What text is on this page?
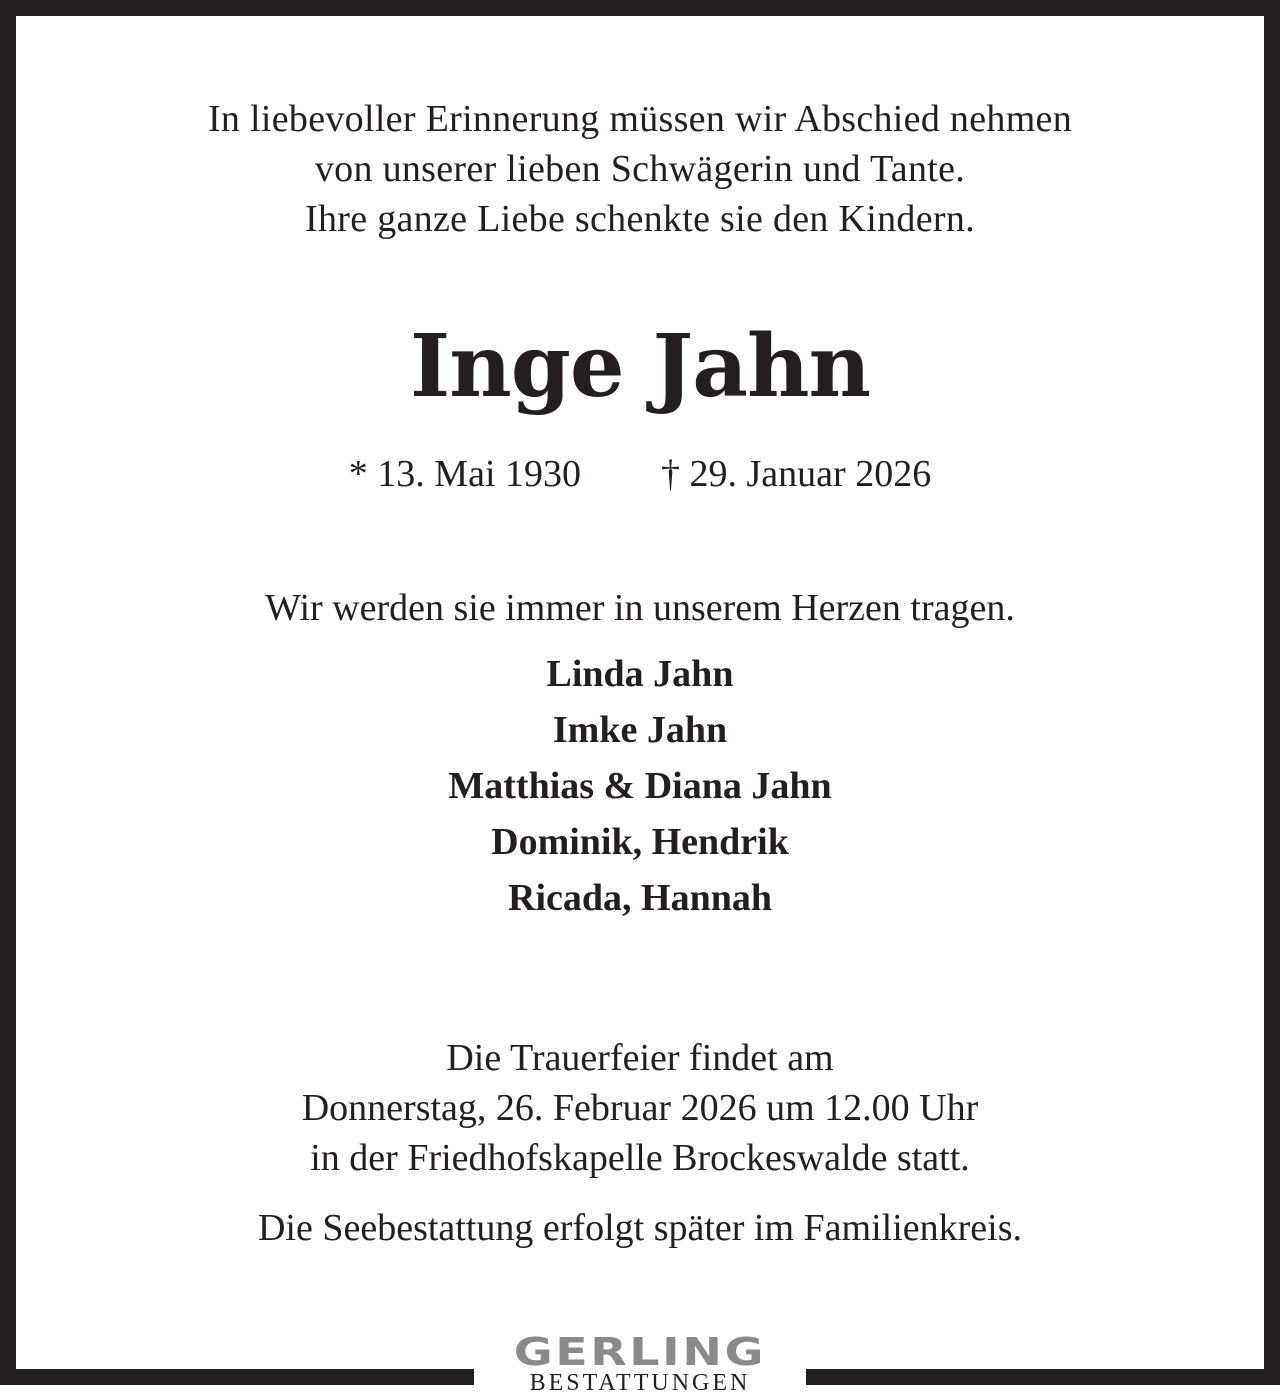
In liebevoller Erinnerung müssen wir Abschied nehmen
von unserer lieben Schwägerin und Tante.
Ihre ganze Liebe schenkte sie den Kindern.
Inge Jahn
* 13. Mai 1930 † 29. Januar 2026
Wir werden sie immer in unserem Herzen tragen.
Linda Jahn
Imke Jahn
Matthias & Diana Jahn
Dominik, Hendrik
Ricada, Hannah
Die Trauerfeier findet am
Donnerstag, 26. Februar 2026 um 12.00 Uhr
in der Friedhofskapelle Brockeswalde statt.
Die Seebestattung erfolgt später im Familienkreis.
GERLING
BESTATTUNGEN
